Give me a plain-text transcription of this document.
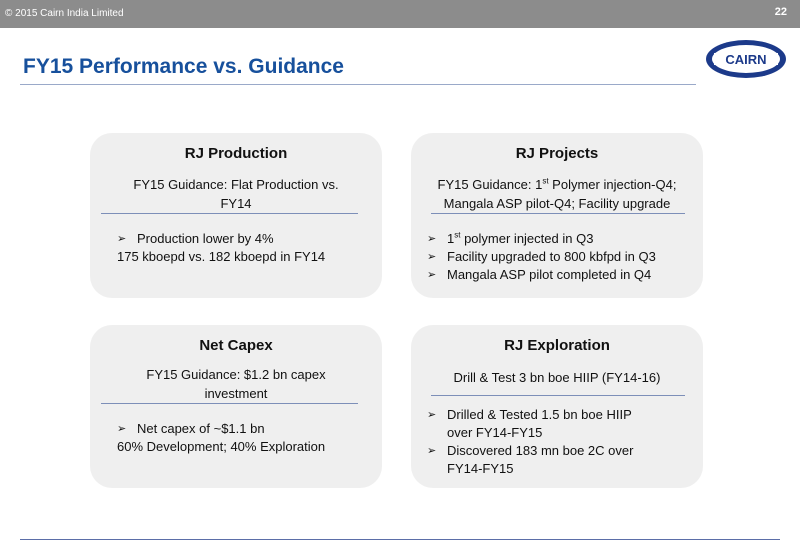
© 2015 Cairn India Limited	22
FY15 Performance vs. Guidance	CAIRN
RJ Production
FY15 Guidance: Flat Production vs. FY14
➢ Production lower by 4%
175 kboepd vs. 182 kboepd in FY14
RJ Projects
FY15 Guidance: 1st Polymer injection-Q4;
Mangala ASP pilot-Q4; Facility upgrade
➢ 1st polymer injected in Q3
➢ Facility upgraded to 800 kbfpd in Q3
➢ Mangala ASP pilot completed in Q4
Net Capex
FY15 Guidance: $1.2 bn capex investment
➢ Net capex of ~$1.1 bn
60% Development; 40% Exploration
RJ Exploration
Drill & Test 3 bn boe HIIP (FY14-16)
➢ Drilled & Tested 1.5 bn boe HIIP over FY14-FY15
➢ Discovered 183 mn boe 2C over FY14-FY15
